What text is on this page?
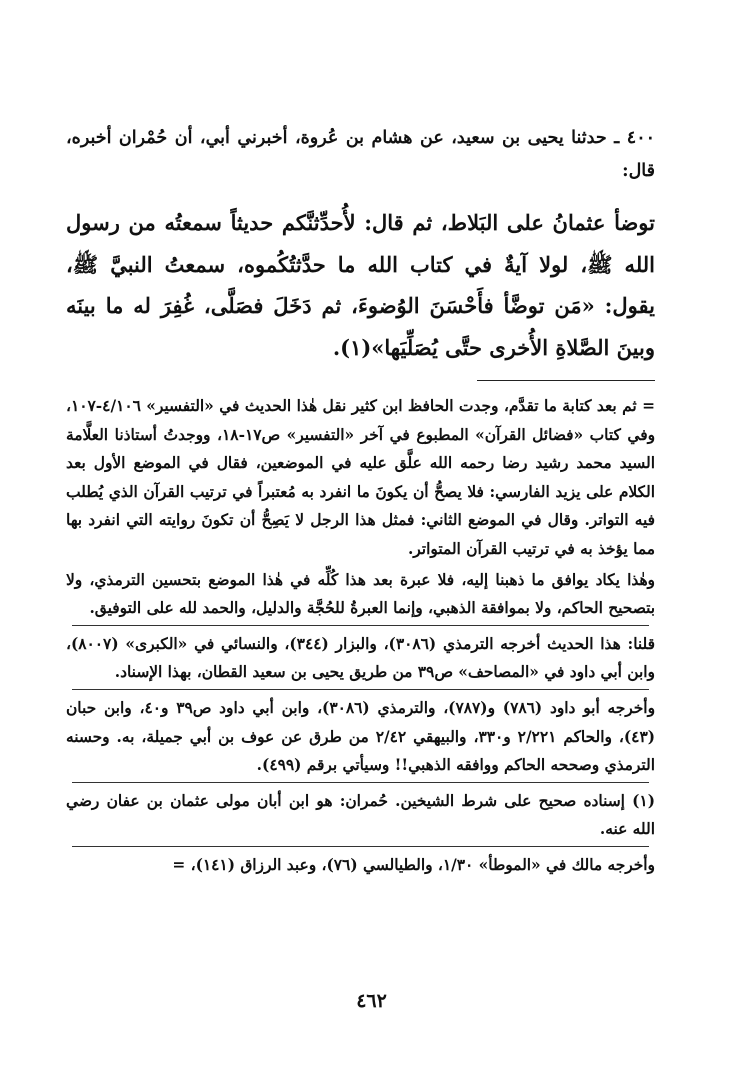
٤٠٠ ـ حدثنا يحيى بن سعيد، عن هشام بن عُروة، أخبرني أبي، أن حُمْران أخبره، قال:

توضأ عثمانُ على البَلاط، ثم قال: لأُحدِّثنَّكم حديثاً سمعتُه من رسول الله ﷺ، لولا آيةٌ في كتاب الله ما حدَّثتُكُموه، سمعتُ النبيَّ ﷺ، يقول: «مَن توضَّأ فأَحْسَنَ الوُضوءَ، ثم دَخَلَ فصَلَّى، غُفِرَ له ما بينَه وبينَ الصَّلاةِ الأُخرى حتَّى يُصَلِّيَها»(١).

= ثم بعد كتابة ما تقدَّم، وجدت الحافظ ابن كثير نقل هٰذا الحديث في «التفسير» ٤/١٠٦-١٠٧، وفي كتاب «فضائل القرآن» المطبوع في آخر «التفسير» ص١٧-١٨، ووجدتُ أستاذنا العلَّامة السيد محمد رشيد رضا رحمه الله علَّق عليه في الموضعين، فقال في الموضع الأول بعد الكلام على يزيد الفارسي: فلا يصحُّ أن يكونَ ما انفرد به مُعتبراً في ترتيب القرآن الذي يُطلب فيه التواتر. وقال في الموضع الثاني: فمثل هذا الرجل لا يَصِحُّ أن تكونَ روايته التي انفرد بها مما يؤخذ به في ترتيب القرآن المتواتر.

وهٰذا يكاد يوافق ما ذهبنا إليه، فلا عبرة بعد هذا كُلِّه في هٰذا الموضع بتحسين الترمذي، ولا بتصحيح الحاكم، ولا بموافقة الذهبي، وإنما العبرةُ للحُجَّة والدليل، والحمد لله على التوفيق.

قلنا: هذا الحديث أخرجه الترمذي (٣٠٨٦)، والبزار (٣٤٤)، والنسائي في «الكبرى» (٨٠٠٧)، وابن أبي داود في «المصاحف» ص٣٩ من طريق يحيى بن سعيد القطان، بهذا الإسناد.

وأخرجه أبو داود (٧٨٦) و(٧٨٧)، والترمذي (٣٠٨٦)، وابن أبي داود ص٣٩ و٤٠، وابن حبان (٤٣)، والحاكم ٢/٢٢١ و٣٣٠، والبيهقي ٢/٤٢ من طرق عن عوف بن أبي جميلة، به. وحسنه الترمذي وصححه الحاكم ووافقه الذهبي!! وسيأتي برقم (٤٩٩).

(١) إسناده صحيح على شرط الشيخين. حُمران: هو ابن أبان مولى عثمان بن عفان رضي الله عنه.

وأخرجه مالك في «الموطأ» ١/٣٠، والطيالسي (٧٦)، وعبد الرزاق (١٤١)، =

٤٦٢
